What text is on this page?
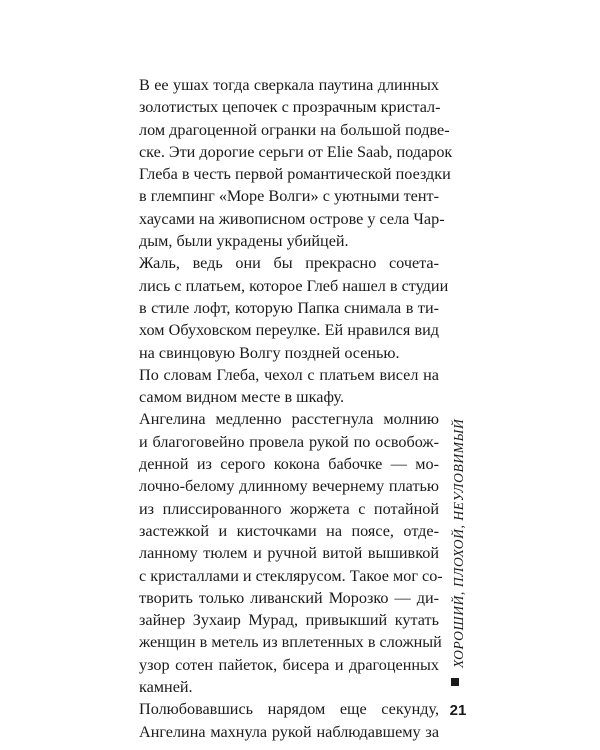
В ее ушах тогда сверкала паутина длинных
золотистых цепочек с прозрачным кристал-
лом драгоценной огранки на большой подве-
ске. Эти дорогие серьги от Elie Saab, подарок
Глеба в честь первой романтической поездки
в глемпинг «Море Волги» с уютными тент-
хаусами на живописном острове у села Чар-
дым, были украдены убийцей.

Жаль, ведь они бы прекрасно сочета-
лись с платьем, которое Глеб нашел в студии
в стиле лофт, которую Папка снимала в ти-
хом Обуховском переулке. Ей нравился вид
на свинцовую Волгу поздней осенью.

По словам Глеба, чехол с платьем висел на
самом видном месте в шкафу.

Ангелина медленно расстегнула молнию
и благоговейно провела рукой по освобож-
денной из серого кокона бабочке — мо-
лочно-белому длинному вечернему платью
из плиссированного жоржета с потайной
застежкой и кисточками на поясе, отде-
ланному тюлем и ручной витой вышивкой
с кристаллами и стеклярусом. Такое мог со-
творить только ливанский Морозко — ди-
зайнер Зухаир Мурад, привыкший кутать
женщин в метель из вплетенных в сложный
узор сотен пайеток, бисера и драгоценных
камней.

Полюбовавшись нарядом еще секунду,
Ангелина махнула рукой наблюдавшему за

ХОРОШИЙ, ПЛОХОЙ, НЕУЛОВИМЫЙ
21
